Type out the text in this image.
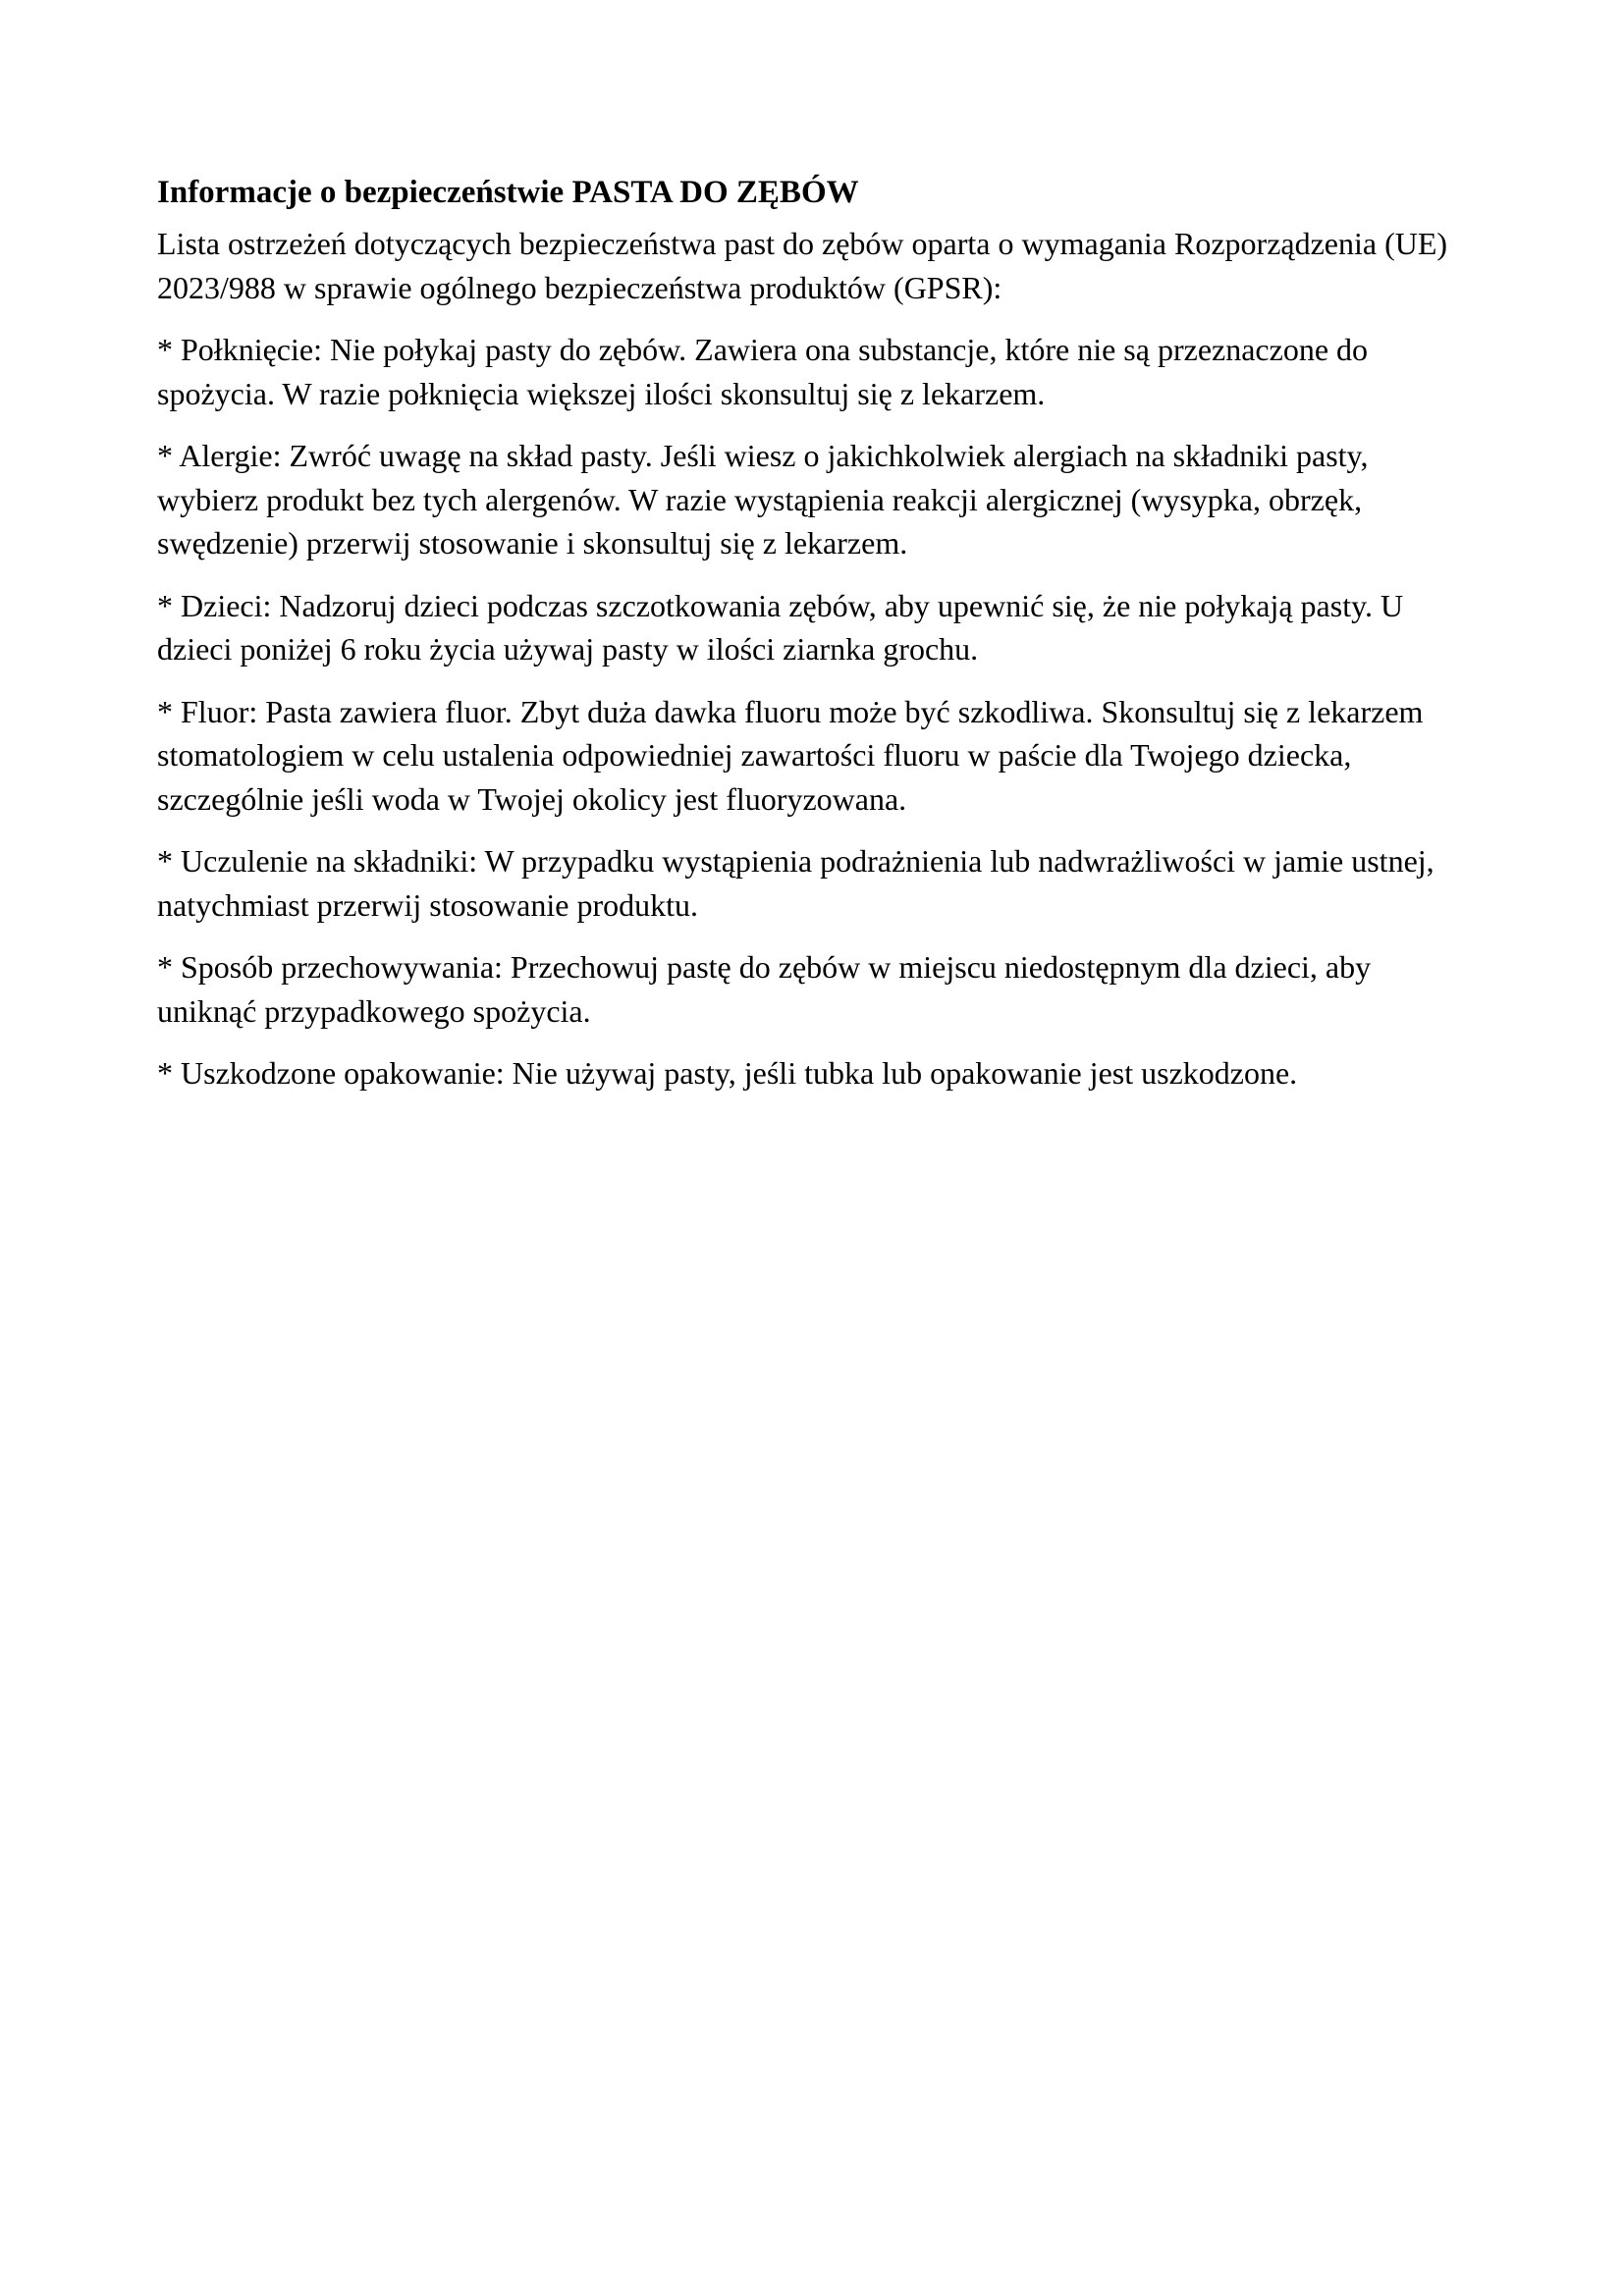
Informacje o bezpieczeństwie PASTA DO ZĘBÓW

Lista ostrzeżeń dotyczących bezpieczeństwa past do zębów oparta o wymagania Rozporządzenia (UE) 2023/988 w sprawie ogólnego bezpieczeństwa produktów (GPSR):

* Połknięcie: Nie połykaj pasty do zębów. Zawiera ona substancje, które nie są przeznaczone do spożycia. W razie połknięcia większej ilości skonsultuj się z lekarzem.

* Alergie: Zwróć uwagę na skład pasty. Jeśli wiesz o jakichkolwiek alergiach na składniki pasty, wybierz produkt bez tych alergenów. W razie wystąpienia reakcji alergicznej (wysypka, obrzęk, swędzenie) przerwij stosowanie i skonsultuj się z lekarzem.

* Dzieci: Nadzoruj dzieci podczas szczotkowania zębów, aby upewnić się, że nie połykają pasty. U dzieci poniżej 6 roku życia używaj pasty w ilości ziarnka grochu.

* Fluor: Pasta zawiera fluor. Zbyt duża dawka fluoru może być szkodliwa. Skonsultuj się z lekarzem stomatologiem w celu ustalenia odpowiedniej zawartości fluoru w paście dla Twojego dziecka, szczególnie jeśli woda w Twojej okolicy jest fluoryzowana.

* Uczulenie na składniki: W przypadku wystąpienia podrażnienia lub nadwrażliwości w jamie ustnej, natychmiast przerwij stosowanie produktu.

* Sposób przechowywania: Przechowuj pastę do zębów w miejscu niedostępnym dla dzieci, aby uniknąć przypadkowego spożycia.

* Uszkodzone opakowanie: Nie używaj pasty, jeśli tubka lub opakowanie jest uszkodzone.
